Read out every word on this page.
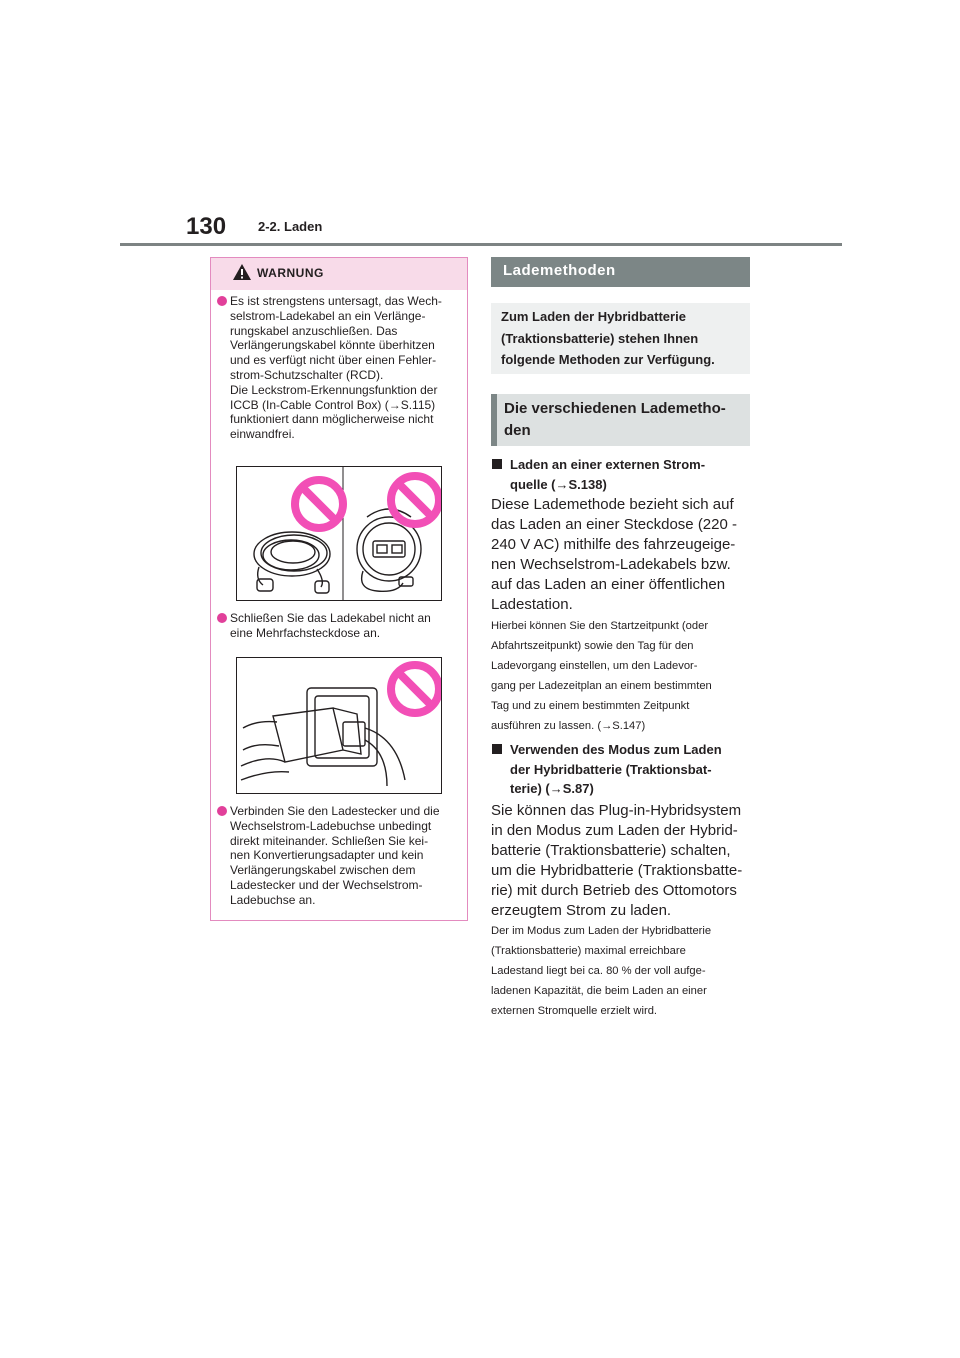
130 2-2. Laden
WARNUNG
Es ist strengstens untersagt, das Wech-
selstrom-Ladekabel an ein Verlänge-
rungskabel anzuschließen. Das
Verlängerungskabel könnte überhitzen
und es verfügt nicht über einen Fehler-
strom-Schutzschalter (RCD).
Die Leckstrom-Erkennungsfunktion der
ICCB (In-Cable Control Box) (→S.115)
funktioniert dann möglicherweise nicht
einwandfrei.
Schließen Sie das Ladekabel nicht an
eine Mehrfachsteckdose an.
Verbinden Sie den Ladestecker und die
Wechselstrom-Ladebuchse unbedingt
direkt miteinander. Schließen Sie kei-
nen Konvertierungsadapter und kein
Verlängerungskabel zwischen dem
Ladestecker und der Wechselstrom-
Ladebuchse an.
Lademethoden
Zum Laden der Hybridbatterie
(Traktionsbatterie) stehen Ihnen
folgende Methoden zur Verfügung.
Die verschiedenen Lademetho-
den
Laden an einer externen Strom-
quelle (→S.138)
Diese Lademethode bezieht sich auf
das Laden an einer Steckdose (220 -
240 V AC) mithilfe des fahrzeugeige-
nen Wechselstrom-Ladekabels bzw.
auf das Laden an einer öffentlichen
Ladestation.
Hierbei können Sie den Startzeitpunkt (oder
Abfahrtszeitpunkt) sowie den Tag für den
Ladevorgang einstellen, um den Ladevor-
gang per Ladezeitplan an einem bestimmten
Tag und zu einem bestimmten Zeitpunkt
ausführen zu lassen. (→S.147)
Verwenden des Modus zum Laden
der Hybridbatterie (Traktionsbat-
terie) (→S.87)
Sie können das Plug-in-Hybridsystem
in den Modus zum Laden der Hybrid-
batterie (Traktionsbatterie) schalten,
um die Hybridbatterie (Traktionsbatte-
rie) mit durch Betrieb des Ottomotors
erzeugtem Strom zu laden.
Der im Modus zum Laden der Hybridbatterie
(Traktionsbatterie) maximal erreichbare
Ladestand liegt bei ca. 80 % der voll aufge-
ladenen Kapazität, die beim Laden an einer
externen Stromquelle erzielt wird.
